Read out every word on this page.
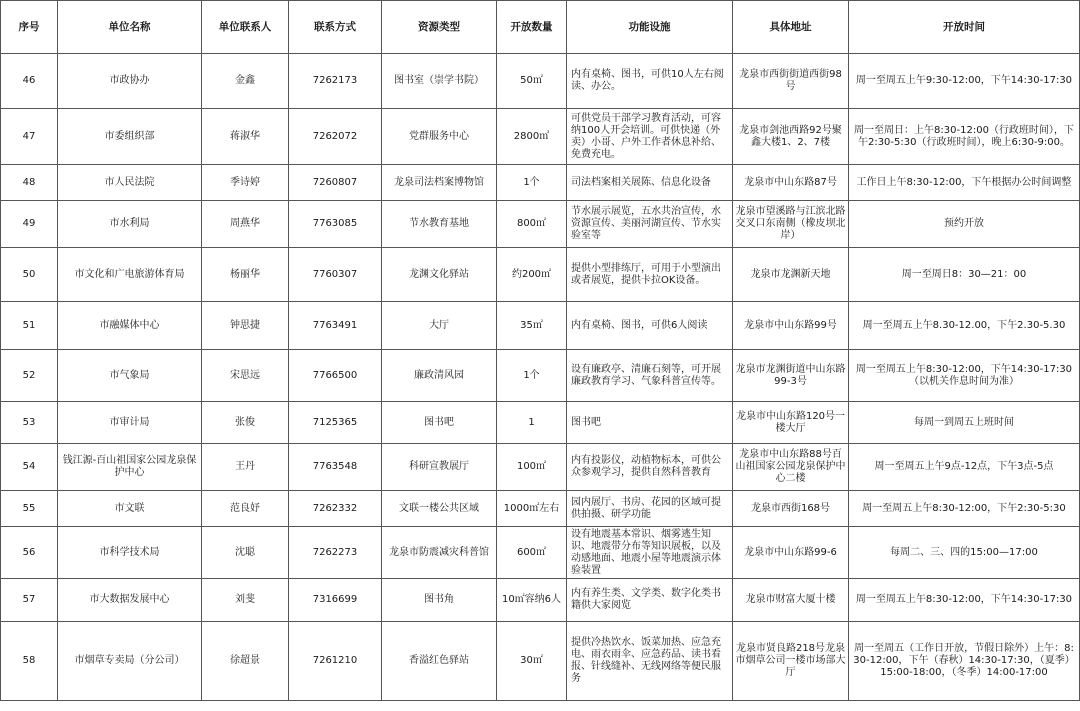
序号	单位名称	单位联系人	联系方式	资源类型	开放数量	功能设施	具体地址	开放时间
46	市政协办	金鑫	7262173	图书室（崇学书院）	50㎡	内有桌椅、图书，可供10人左右阅读、办公。	龙泉市西街街道西街98号	周一至周五上午9:30-12:00，下午14:30-17:30
47	市委组织部	蒋淑华	7262072	党群服务中心	2800㎡	可供党员干部学习教育活动，可容纳100人开会培训。可供快递（外卖）小哥、户外工作者休息补给、免费充电。	龙泉市剑池西路92号聚鑫大楼1、2、7楼	周一至周日：上午8:30-12:00（行政班时间），下午2:30-5:30（行政班时间），晚上6:30-9:00。
48	市人民法院	季诗婷	7260807	龙泉司法档案博物馆	1个	司法档案相关展陈、信息化设备	龙泉市中山东路87号	工作日上午8:30-12:00，下午根据办公时间调整
49	市水利局	周燕华	7763085	节水教育基地	800㎡	节水展示展览，五水共治宣传，水资源宣传、美丽河湖宣传、节水实验室等	龙泉市望溪路与江滨北路交叉口东南侧（橡皮坝北岸）	预约开放
50	市文化和广电旅游体育局	杨丽华	7760307	龙渊文化驿站	约200㎡	提供小型排练厅，可用于小型演出或者展览，提供卡拉OK设备。	龙泉市龙渊新天地	周一至周日8：30—21：00
51	市融媒体中心	钟思捷	7763491	大厅	35㎡	内有桌椅、图书，可供6人阅读	龙泉市中山东路99号	周一至周五上午8.30-12.00，下午2.30-5.30
52	市气象局	宋思远	7766500	廉政清风园	1个	设有廉政亭、清廉石刻等，可开展廉政教育学习、气象科普宣传等。	龙泉市龙渊街道中山东路99-3号	周一至周五上午8:30-12:00，下午14:30-17:30（以机关作息时间为准）
53	市审计局	张俊	7125365	图书吧	1	图书吧	龙泉市中山东路120号一楼大厅	每周一到周五上班时间
54	钱江源-百山祖国家公园龙泉保护中心	王丹	7763548	科研宣教展厅	100㎡	内有投影仪，动植物标本，可供公众参观学习，提供自然科普教育	龙泉市中山东路88号百山祖国家公园龙泉保护中心二楼	周一至周五上午9点-12点，下午3点-5点
55	市文联	范良妤	7262332	文联一楼公共区域	1000㎡左右	园内展厅、书房、花园的区域可提供拍摄、研学功能	龙泉市西街168号	周一至周五上午8:30-12:00，下午2:30-5:30
56	市科学技术局	沈聪	7262273	龙泉市防震减灾科普馆	600㎡	设有地震基本常识、烟雾逃生知识、地震带分布等知识展板，以及动感地面、地震小屋等地震演示体验装置	龙泉市中山东路99-6	每周二、三、四的15:00—17:00
57	市大数据发展中心	刘斐	7316699	图书角	10㎡容纳6人	内有养生类、文学类、数字化类书籍供大家阅览	龙泉市财富大厦十楼	周一至周五上午8:30-12:00，下午14:30-17:30
58	市烟草专卖局（分公司）	徐超景	7261210	香溢红色驿站	30㎡	提供冷热饮水、饭菜加热、应急充电、雨衣雨伞、应急药品、读书看报、针线缝补、无线网络等便民服务	龙泉市贤良路218号龙泉市烟草公司一楼市场部大厅	周一至周五（工作日开放，节假日除外）上午：8:30-12:00，下午（春秋）14:30-17:30，（夏季）15:00-18:00，（冬季）14:00-17:00
